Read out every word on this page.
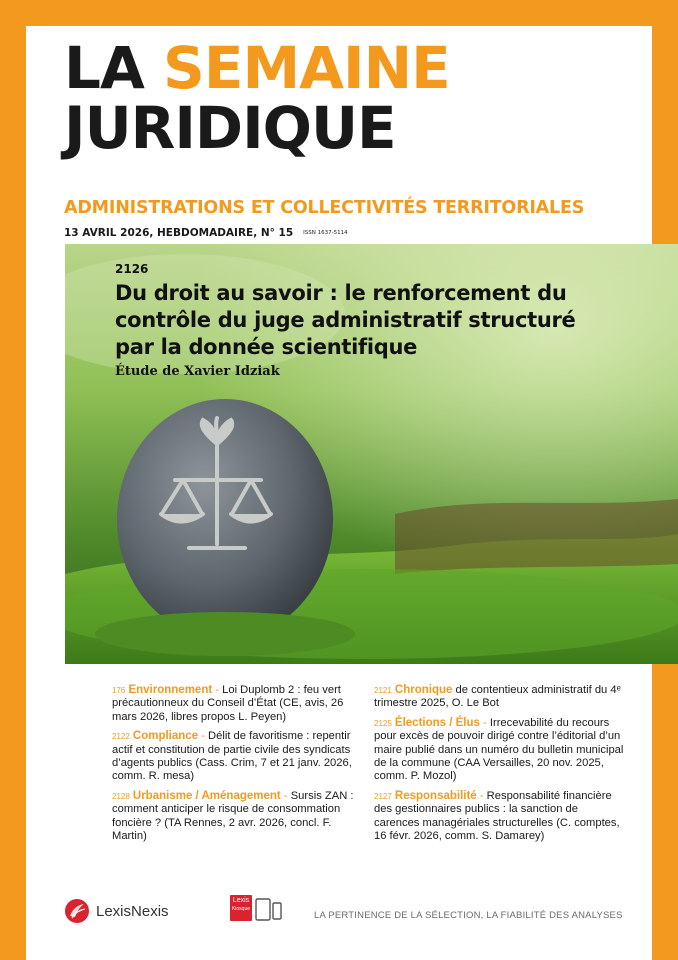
LA SEMAINE
JURIDIQUE
ADMINISTRATIONS ET COLLECTIVITÉS TERRITORIALES
13 AVRIL 2026, HEBDOMADAIRE, N° 15 ISSN 1637-5114
2126
Du droit au savoir : le renforcement du contrôle du juge administratif structuré par la donnée scientifique
Étude de Xavier Idziak
176 Environnement - Loi Duplomb 2 : feu vert précautionneux du Conseil d’État (CE, avis, 26 mars 2026, libres propos L. Peyen)
2122 Compliance - Délit de favoritisme : repentir actif et constitution de partie civile des syndicats d’agents publics (Cass. Crim, 7 et 21 janv. 2026, comm. R. mesa)
2128 Urbanisme / Aménagement - Sursis ZAN : comment anticiper le risque de consommation foncière ? (TA Rennes, 2 avr. 2026, concl. F. Martin)
2121 Chronique de contentieux administratif du 4ᵉ trimestre 2025, O. Le Bot
2125 Élections / Élus - Irrecevabilité du recours pour excès de pouvoir dirigé contre l’éditorial d’un maire publié dans un numéro du bulletin municipal de la commune (CAA Versailles, 20 nov. 2025, comm. P. Mozol)
2127 Responsabilité - Responsabilité financière des gestionnaires publics : la sanction de carences managériales structurelles (C. comptes, 16 févr. 2026, comm. S. Damarey)
LexisNexis
Lexis
Kiosque
LA PERTINENCE DE LA SÉLECTION, LA FIABILITÉ DES ANALYSES
